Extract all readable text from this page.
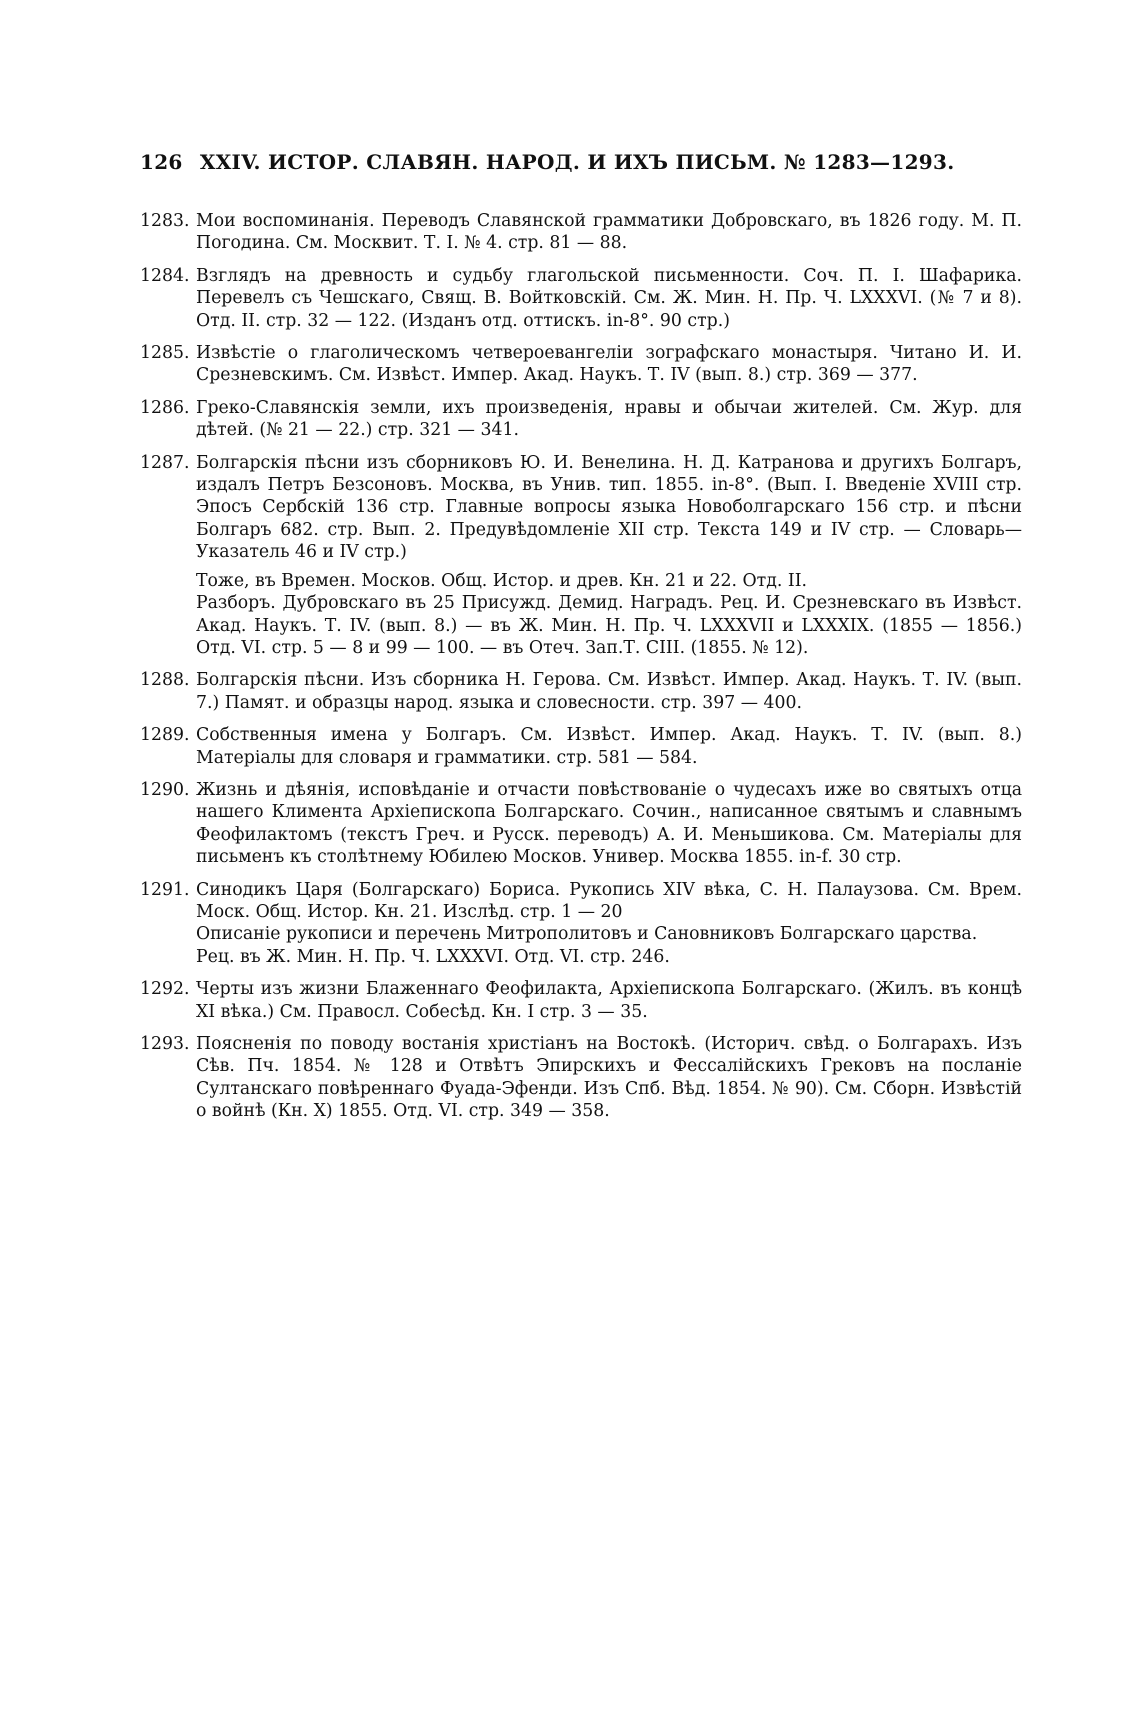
126 XXIV. ИСТОР. СЛАВЯН. НАРОД. И ИХЪ ПИСЬМ. № 1283—1293.
1283. Мои воспоминанія. Переводъ Славянской грамматики Добровскаго, въ 1826 году. М. П. Погодина. См. Москвит. Т. I. № 4. стр. 81 — 88.

1284. Взглядъ на древность и судьбу глагольской письменности. Соч. П. I. Шафарика. Перевелъ съ Чешскаго, Свящ. В. Войтковскій. См. Ж. Мин. Н. Пр. Ч. LXXXVI. (№ 7 и 8). Отд. II. стр. 32 — 122. (Изданъ отд. оттискъ. in-8°. 90 стр.)

1285. Извѣстіе о глаголическомъ четвероевангеліи зографскаго монастыря. Читано И. И. Срезневскимъ. См. Извѣст. Импер. Акад. Наукъ. Т. IV (вып. 8.) стр. 369 — 377.

1286. Греко-Славянскія земли, ихъ произведенія, нравы и обычаи жителей. См. Жур. для дѣтей. (№ 21 — 22.) стр. 321 — 341.

1287. Болгарскія пѣсни изъ сборниковъ Ю. И. Венелина. Н. Д. Катранова и другихъ Болгаръ, издалъ Петръ Безсоновъ. Москва, въ Унив. тип. 1855. in-8°. (Вып. I. Введеніе XVIII стр. Эпосъ Сербскій 136 стр. Главные вопросы языка Новоболгарскаго 156 стр. и пѣсни Болгаръ 682. стр. Вып. 2. Предувѣдомленіе XII стр. Текста 149 и IV стр. — Словарь—Указатель 46 и IV стр.)

Тоже, въ Времен. Москов. Общ. Истор. и древ. Кн. 21 и 22. Отд. II.

Разборъ. Дубровскаго въ 25 Присужд. Демид. Наградъ. Рец. И. Срезневскаго въ Извѣст. Акад. Наукъ. Т. IV. (вып. 8.) — въ Ж. Мин. Н. Пр. Ч. LXXXVII и LXXXIX. (1855 — 1856.) Отд. VI. стр. 5 — 8 и 99 — 100. — въ Отеч. Зап.Т. CIII. (1855. № 12).

1288. Болгарскія пѣсни. Изъ сборника Н. Герова. См. Извѣст. Импер. Акад. Наукъ. Т. IV. (вып. 7.) Памят. и образцы народ. языка и словесности. стр. 397 — 400.

1289. Собственныя имена у Болгаръ. См. Извѣст. Импер. Акад. Наукъ. Т. IV. (вып. 8.) Матеріалы для словаря и грамматики. стр. 581 — 584.

1290. Жизнь и дѣянія, исповѣданіе и отчасти повѣствованіе о чудесахъ иже во святыхъ отца нашего Климента Архіепископа Болгарскаго. Сочин., написанное святымъ и славнымъ Феофилактомъ (текстъ Греч. и Русск. переводъ) А. И. Меньшикова. См. Матеріалы для письменъ къ столѣтнему Юбилею Москов. Универ. Москва 1855. in-f. 30 стр.

1291. Синодикъ Царя (Болгарскаго) Бориса. Рукопись XIV вѣка, С. Н. Палаузова. См. Врем. Моск. Общ. Истор. Кн. 21. Изслѣд. стр. 1 — 20

Описаніе рукописи и перечень Митрополитовъ и Сановниковъ Болгарскаго царства.

Рец. въ Ж. Мин. Н. Пр. Ч. LXXXVI. Отд. VI. стр. 246.

1292. Черты изъ жизни Блаженнаго Феофилакта, Архіепископа Болгарскаго. (Жилъ. въ концѣ XI вѣка.) См. Правосл. Собесѣд. Кн. I стр. 3 — 35.

1293. Поясненія по поводу востанія христіанъ на Востокѣ. (Историч. свѣд. о Болгарахъ. Изъ Сѣв. Пч. 1854. № 128 и Отвѣтъ Эпирскихъ и Фессалійскихъ Грековъ на посланіе Султанскаго повѣреннаго Фуада-Эфенди. Изъ Спб. Вѣд. 1854. № 90). См. Сборн. Извѣстій о войнѣ (Кн. X) 1855. Отд. VI. стр. 349 — 358.
